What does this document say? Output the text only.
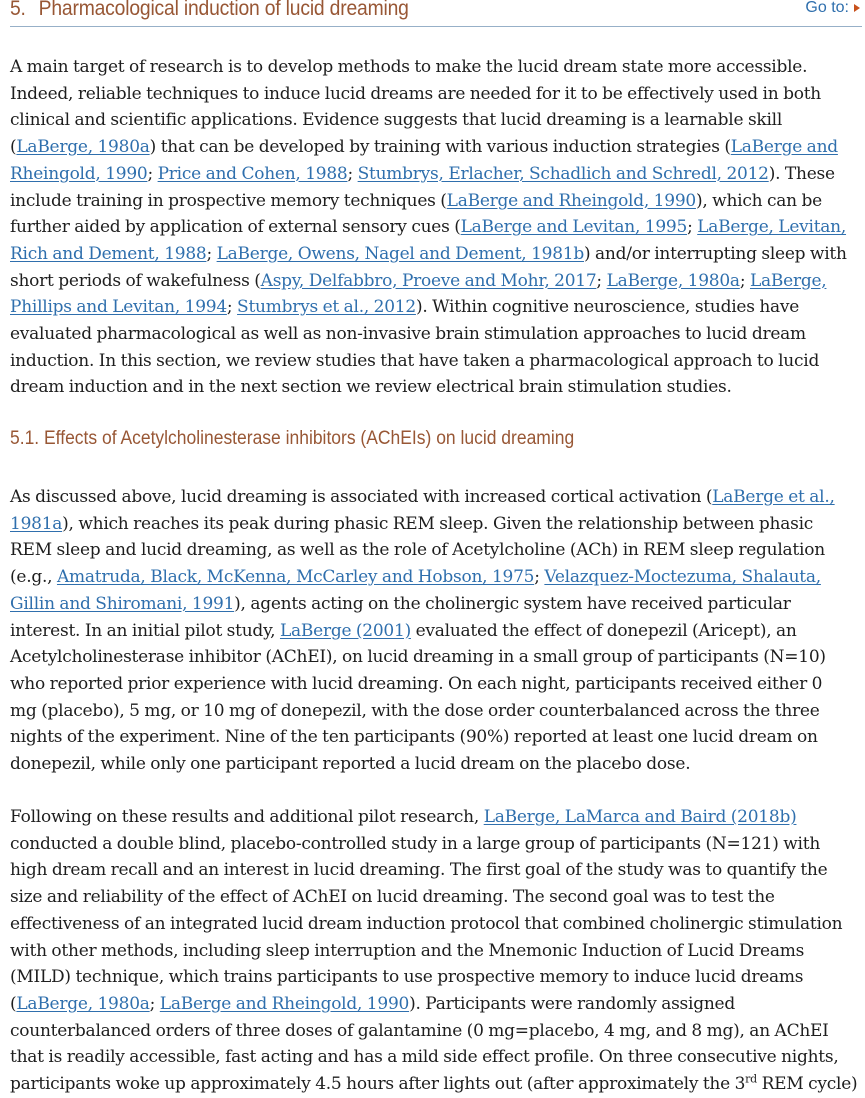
5. Pharmacological induction of lucid dreaming	Go to:

A main target of research is to develop methods to make the lucid dream state more accessible.
Indeed, reliable techniques to induce lucid dreams are needed for it to be effectively used in both
clinical and scientific applications. Evidence suggests that lucid dreaming is a learnable skill
(LaBerge, 1980a) that can be developed by training with various induction strategies (LaBerge and
Rheingold, 1990; Price and Cohen, 1988; Stumbrys, Erlacher, Schadlich and Schredl, 2012). These
include training in prospective memory techniques (LaBerge and Rheingold, 1990), which can be
further aided by application of external sensory cues (LaBerge and Levitan, 1995; LaBerge, Levitan,
Rich and Dement, 1988; LaBerge, Owens, Nagel and Dement, 1981b) and/or interrupting sleep with
short periods of wakefulness (Aspy, Delfabbro, Proeve and Mohr, 2017; LaBerge, 1980a; LaBerge,
Phillips and Levitan, 1994; Stumbrys et al., 2012). Within cognitive neuroscience, studies have
evaluated pharmacological as well as non-invasive brain stimulation approaches to lucid dream
induction. In this section, we review studies that have taken a pharmacological approach to lucid
dream induction and in the next section we review electrical brain stimulation studies.

5.1. Effects of Acetylcholinesterase inhibitors (AChEIs) on lucid dreaming

As discussed above, lucid dreaming is associated with increased cortical activation (LaBerge et al.,
1981a), which reaches its peak during phasic REM sleep. Given the relationship between phasic
REM sleep and lucid dreaming, as well as the role of Acetylcholine (ACh) in REM sleep regulation
(e.g., Amatruda, Black, McKenna, McCarley and Hobson, 1975; Velazquez-Moctezuma, Shalauta,
Gillin and Shiromani, 1991), agents acting on the cholinergic system have received particular
interest. In an initial pilot study, LaBerge (2001) evaluated the effect of donepezil (Aricept), an
Acetylcholinesterase inhibitor (AChEI), on lucid dreaming in a small group of participants (N=10)
who reported prior experience with lucid dreaming. On each night, participants received either 0
mg (placebo), 5 mg, or 10 mg of donepezil, with the dose order counterbalanced across the three
nights of the experiment. Nine of the ten participants (90%) reported at least one lucid dream on
donepezil, while only one participant reported a lucid dream on the placebo dose.

Following on these results and additional pilot research, LaBerge, LaMarca and Baird (2018b)
conducted a double blind, placebo-controlled study in a large group of participants (N=121) with
high dream recall and an interest in lucid dreaming. The first goal of the study was to quantify the
size and reliability of the effect of AChEI on lucid dreaming. The second goal was to test the
effectiveness of an integrated lucid dream induction protocol that combined cholinergic stimulation
with other methods, including sleep interruption and the Mnemonic Induction of Lucid Dreams
(MILD) technique, which trains participants to use prospective memory to induce lucid dreams
(LaBerge, 1980a; LaBerge and Rheingold, 1990). Participants were randomly assigned
counterbalanced orders of three doses of galantamine (0 mg=placebo, 4 mg, and 8 mg), an AChEI
that is readily accessible, fast acting and has a mild side effect profile. On three consecutive nights,
participants woke up approximately 4.5 hours after lights out (after approximately the 3rd REM cycle)
